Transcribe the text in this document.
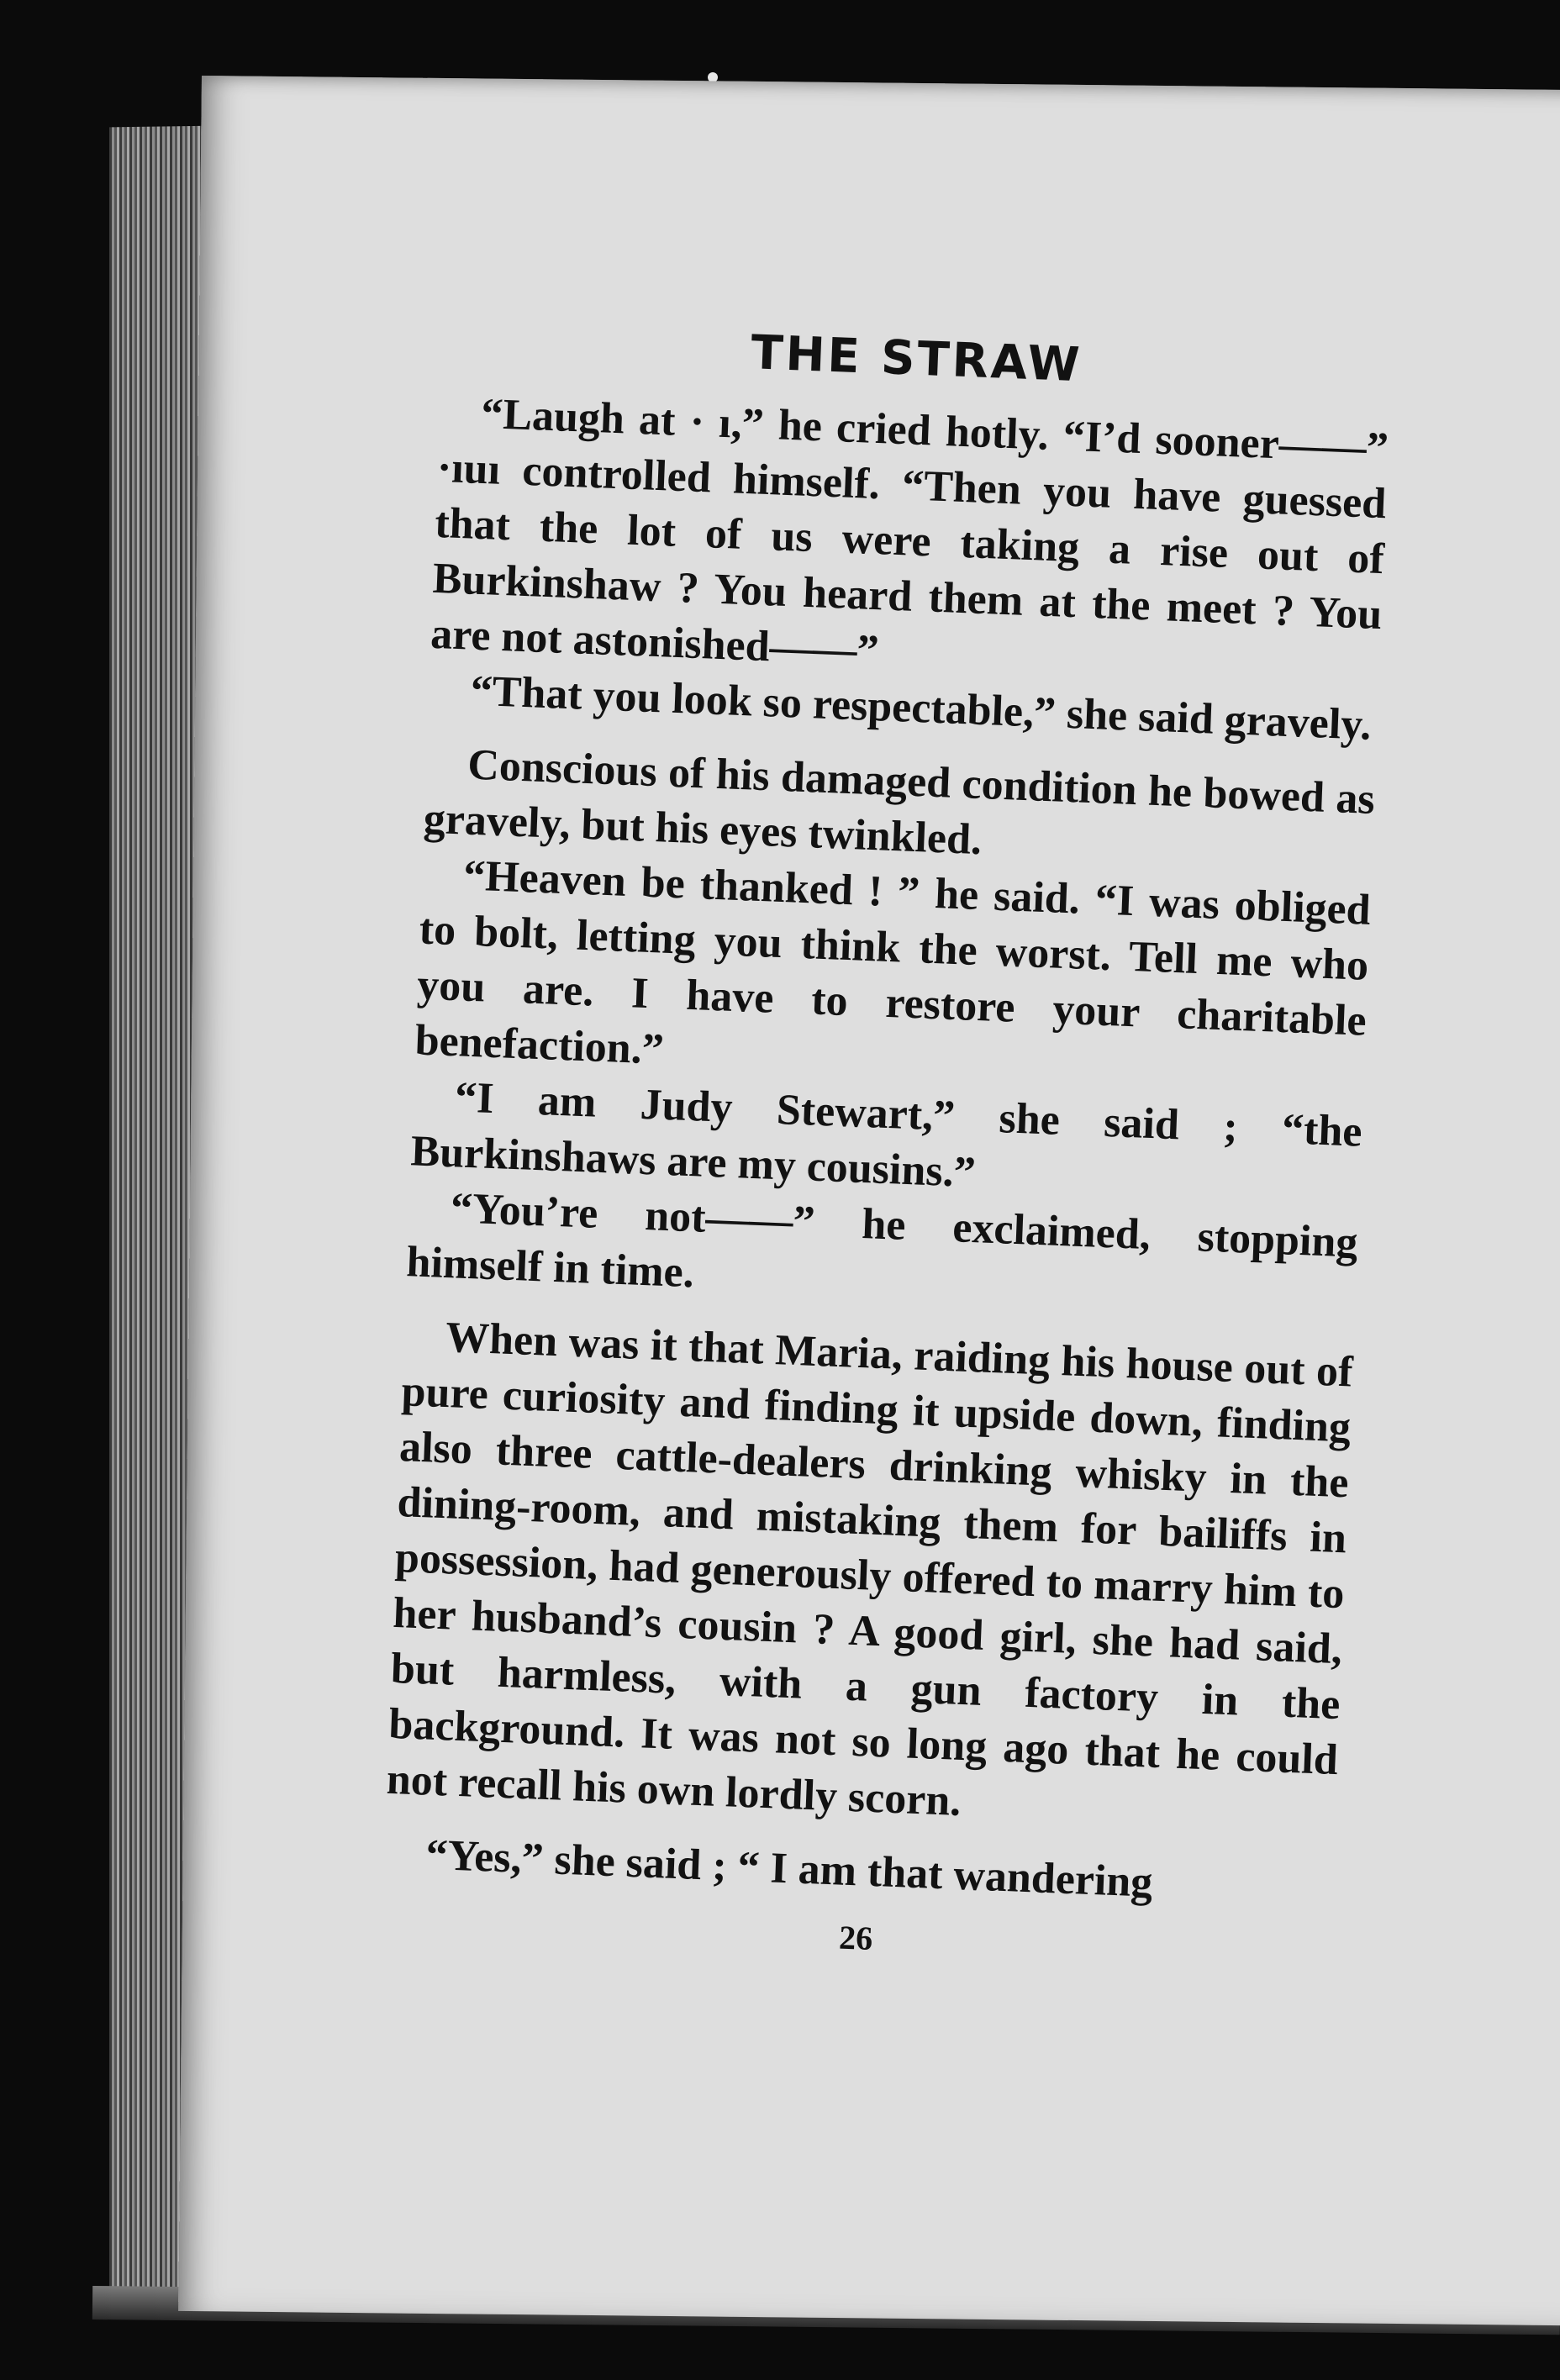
THE STRAW

“Laugh at · ı,” he cried hotly. “I’d sooner——” ·ıuı controlled himself. “Then you have guessed that the lot of us were taking a rise out of Burkinshaw ? You heard them at the meet ? You are not astonished——”

“That you look so respectable,” she said gravely.

Conscious of his damaged condition he bowed as gravely, but his eyes twinkled.

“Heaven be thanked ! ” he said. “I was obliged to bolt, letting you think the worst. Tell me who you are. I have to restore your charitable benefaction.”

“I am Judy Stewart,” she said ; “the Burkinshaws are my cousins.”

“You’re not——” he exclaimed, stopping himself in time.

When was it that Maria, raiding his house out of pure curiosity and finding it upside down, finding also three cattle-dealers drinking whisky in the dining-room, and mistaking them for bailiffs in possession, had generously offered to marry him to her husband’s cousin ? A good girl, she had said, but harmless, with a gun factory in the background. It was not so long ago that he could not recall his own lordly scorn.

“Yes,” she said ; “ I am that wandering

26
